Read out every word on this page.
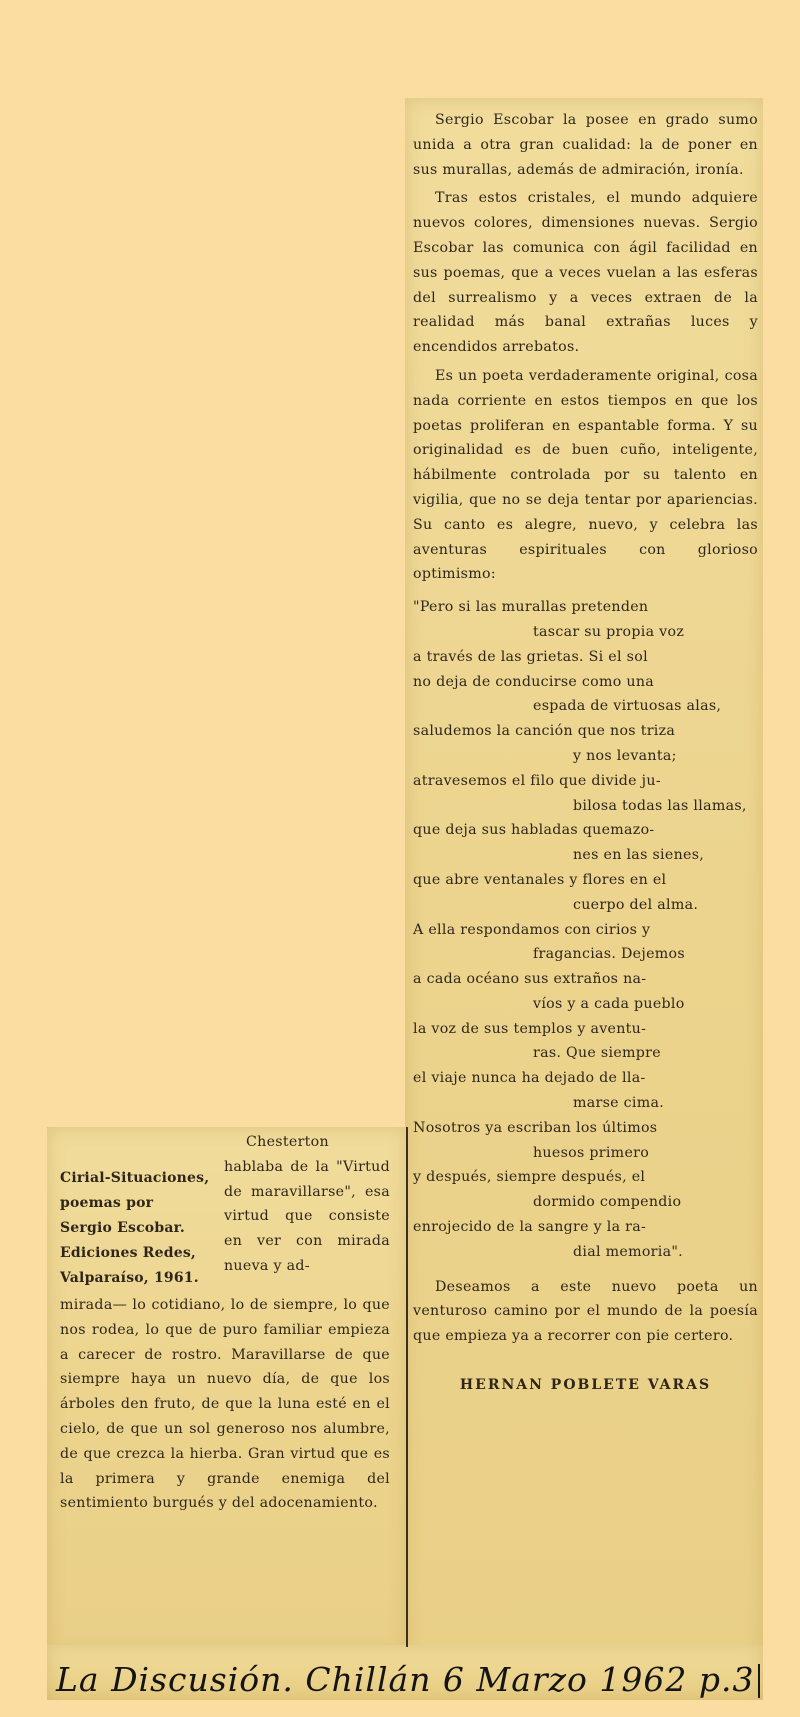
Sergio Escobar la posee en grado sumo unida a otra gran cualidad: la de poner en sus murallas, además de admiración, ironía.

Tras estos cristales, el mundo adquiere nuevos colores, dimensiones nuevas. Sergio Escobar las comunica con ágil facilidad en sus poemas, que a veces vuelan a las esferas del surrealismo y a veces extraen de la realidad más banal extrañas luces y encendidos arrebatos.

Es un poeta verdaderamente original, cosa nada corriente en estos tiempos en que los poetas proliferan en espantable forma. Y su originalidad es de buen cuño, inteligente, hábilmente controlada por su talento en vigilia, que no se deja tentar por apariencias. Su canto es alegre, nuevo, y celebra las aventuras espirituales con glorioso optimismo:

"Pero si las murallas pretenden
tascar su propia voz
a través de las grietas. Si el sol
no deja de conducirse como una
espada de virtuosas alas,
saludemos la canción que nos triza
y nos levanta;
atravesemos el filo que divide ju-
bilosa todas las llamas,
que deja sus habladas quemazo-
nes en las sienes,
que abre ventanales y flores en el
cuerpo del alma.
A ella respondamos con cirios y
fragancias. Dejemos
a cada océano sus extraños na-
víos y a cada pueblo
la voz de sus templos y aventu-
ras. Que siempre
el viaje nunca ha dejado de lla-
marse cima.
Nosotros ya escriban los últimos
huesos primero
y después, siempre después, el
dormido compendio
enrojecido de la sangre y la ra-
dial memoria".

Deseamos a este nuevo poeta un venturoso camino por el mundo de la poesía que empieza ya a recorrer con pie certero.

HERNAN POBLETE VARAS
Cirial-Situaciones, poemas por Sergio Escobar. Ediciones Redes, Valparaíso, 1961.

Chesterton hablaba de la "Virtud de maravillarse", esa virtud que consiste en ver con mirada nueva y ad-

mirada— lo cotidiano, lo de siempre, lo que nos rodea, lo que de puro familiar empieza a carecer de rostro. Maravillarse de que siempre haya un nuevo día, de que los árboles den fruto, de que la luna esté en el cielo, de que un sol generoso nos alumbre, de que crezca la hierba. Gran virtud que es la primera y grande enemiga del sentimiento burgués y del adocenamiento.

La Discusión. Chillán 6 Marzo 1962 p.3
